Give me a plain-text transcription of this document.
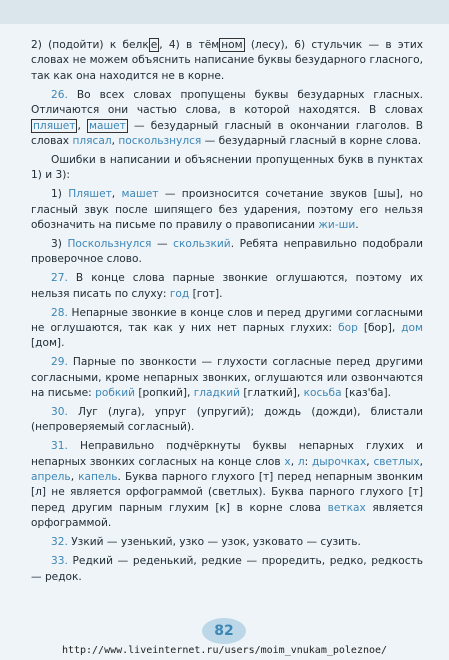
2) (подойти) к белк е , 4) в тём ном (лесу), 6) стульчик — в этих словах не можем объяснить написание буквы безударного гласного, так как она находится не в корне.

26. Во всех словах пропущены буквы безударных гласных. Отличаются они частью слова, в которой находятся. В словах пляшет , машет — безударный гласный в окончании глаголов. В словах плясал, поскользнулся — безударный гласный в корне слова.

Ошибки в написании и объяснении пропущенных букв в пунктах 1) и 3):

1) Пляшет, машет — произносится сочетание звуков [шы], но гласный звук после шипящего без ударения, поэтому его нельзя обозначить на письме по правилу о правописании жи-ши.

3) Поскользнулся — скользкий. Ребята неправильно подобрали проверочное слово.

27. В конце слова парные звонкие оглушаются, поэтому их нельзя писать по слуху: год [гот].

28. Непарные звонкие в конце слов и перед другими согласными не оглушаются, так как у них нет парных глухих: бор [бор], дом [дом].

29. Парные по звонкости — глухости согласные перед другими согласными, кроме непарных звонких, оглушаются или озвончаются на письме: робкий [ропкий], гладкий [глаткий], косьба [каз'ба].

30. Луг (луга), упруг (упругий); дождь (дожди), блистали (непроверяемый согласный).

31. Неправильно подчёркнуты буквы непарных глухих и непарных звонких согласных на конце слов х, л: дырочках, светлых, апрель, капель. Буква парного глухого [т] перед непарным звонким [л] не является орфограммой (светлых). Буква парного глухого [т] перед другим парным глухим [к] в корне слова ветках является орфограммой.

32. Узкий — узенький, узко — узок, узковато — сузить.

33. Редкий — реденький, редкие — проредить, редко, редкость — редок.

82
http://www.liveinternet.ru/users/moim_vnukam_poleznoe/
